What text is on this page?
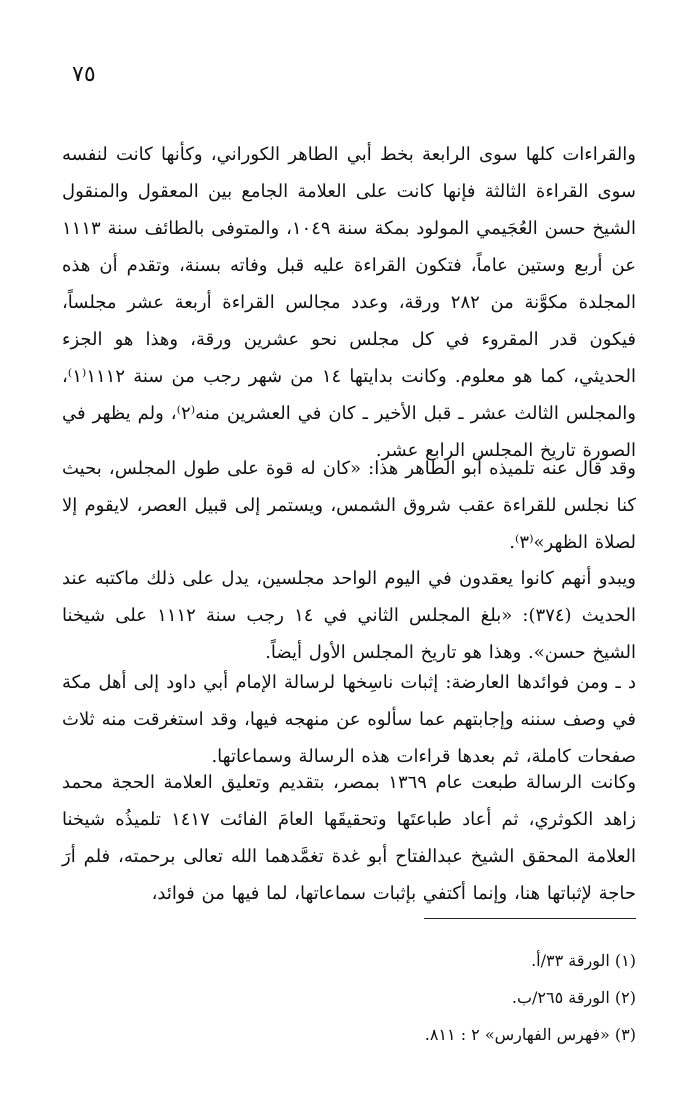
٧٥
والقراءات كلها سوى الرابعة بخط أبي الطاهر الكوراني، وكأنها كانت لنفسه سوى القراءة الثالثة فإنها كانت على العلامة الجامع بين المعقول والمنقول الشيخ حسن العُجَيمي المولود بمكة سنة ١٠٤٩، والمتوفى بالطائف سنة ١١١٣ عن أربع وستين عاماً، فتكون القراءة عليه قبل وفاته بسنة، وتقدم أن هذه المجلدة مكوَّنة من ٢٨٢ ورقة، وعدد مجالس القراءة أربعة عشر مجلساً، فيكون قدر المقروء في كل مجلس نحو عشرين ورقة، وهذا هو الجزء الحديثي، كما هو معلوم. وكانت بدايتها ١٤ من شهر رجب من سنة ١١١٢⁽١⁾، والمجلس الثالث عشر ـ قبل الأخير ـ كان في العشرين منه⁽٢⁾، ولم يظهر في الصورة تاريخ المجلس الرابع عشر.
وقد قال عنه تلميذه أبو الطاهر هذا: «كان له قوة على طول المجلس، بحيث كنا نجلس للقراءة عقب شروق الشمس، ويستمر إلى قبيل العصر، لايقوم إلا لصلاة الظهر»⁽٣⁾.
ويبدو أنهم كانوا يعقدون في اليوم الواحد مجلسين، يدل على ذلك ماكتبه عند الحديث (٣٧٤): «بلغ المجلس الثاني في ١٤ رجب سنة ١١١٢ على شيخنا الشيخ حسن». وهذا هو تاريخ المجلس الأول أيضاً.
د ـ ومن فوائدها العارضة: إثبات ناسِخها لرسالة الإمام أبي داود إلى أهل مكة في وصف سننه وإجابتهم عما سألوه عن منهجه فيها، وقد استغرقت منه ثلاث صفحات كاملة، ثم بعدها قراءات هذه الرسالة وسماعاتها.
وكانت الرسالة طبعت عام ١٣٦٩ بمصر، بتقديم وتعليق العلامة الحجة محمد زاهد الكوثري، ثم أعاد طباعتَها وتحقيقَها العامَ الفائت ١٤١٧ تلميذُه شيخنا العلامة المحقق الشيخ عبدالفتاح أبو غدة تغمَّدهما الله تعالى برحمته، فلم أرَ حاجة لإثباتها هنا، وإنما أكتفي بإثبات سماعاتها، لما فيها من فوائد،
(١) الورقة ٣٣/أ.
(٢) الورقة ٢٦٥/ب.
(٣) «فهرس الفهارس» ٢ : ٨١١.
